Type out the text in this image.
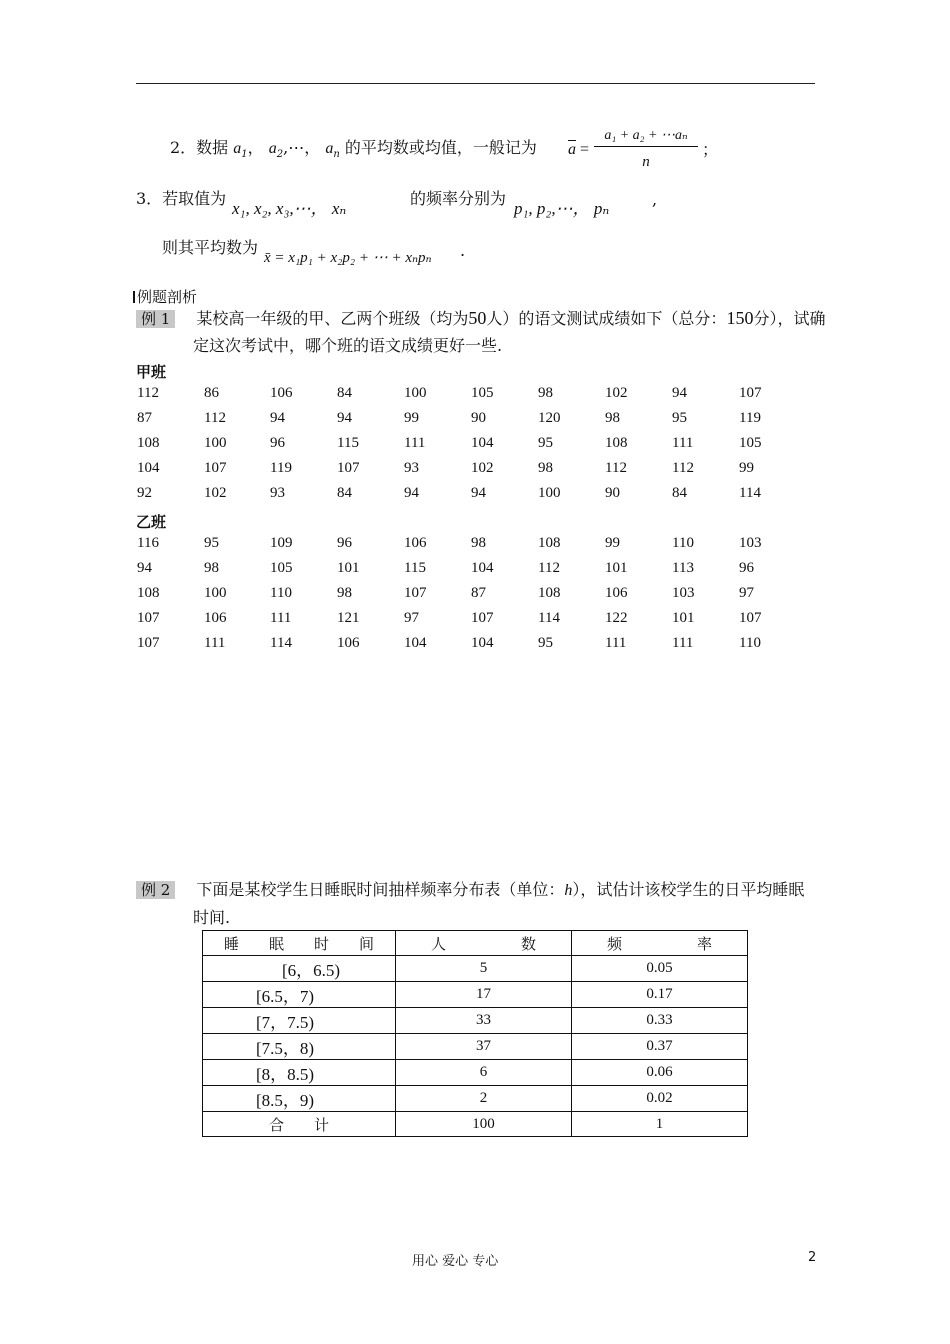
2．数据 $a_1$， $a_2,\cdots$， $a_n$ 的平均数或均值，一般记为 $\overline{a}$ =
a₁ + a₂ + ⋯aₙ
n
；
3．若取值为
x₁, x₂, x₃,⋯， xₙ
的频率分别为
p₁, p₂,⋯， pₙ	,
则其平均数为
x̄ = x₁p₁ + x₂p₂ + ⋯ + xₙpₙ .
例题剖析
例 1 某校高一年级的甲、乙两个班级（均为50人）的语文测试成绩如下（总分：150分），试确
定这次考试中，哪个班的语文成绩更好一些.
甲班
112	86	106	84	100	105	98	102	94	107
87	112	94	94	99	90	120	98	95	119
108	100	96	115	111	104	95	108	111	105
104	107	119	107	93	102	98	112	112	99
92	102	93	84	94	94	100	90	84	114
乙班
116	95	109	96	106	98	108	99	110	103
94	98	105	101	115	104	112	101	113	96
108	100	110	98	107	87	108	106	103	97
107	106	111	121	97	107	114	122	101	107
107	111	114	106	104	104	95	111	111	110
例 2 下面是某校学生日睡眠时间抽样频率分布表（单位：h），试估计该校学生的日平均睡眠
时间.
睡　　眠　　时　　间	人　　　　　数	频　　　　　率
[6，6.5)	5	0.05
[6.5，7)	17	0.17
[7，7.5)	33	0.33
[7.5，8)	37	0.37
[8，8.5)	6	0.06
[8.5，9)	2	0.02
合　　计	100	1
用心 爱心 专心	2
